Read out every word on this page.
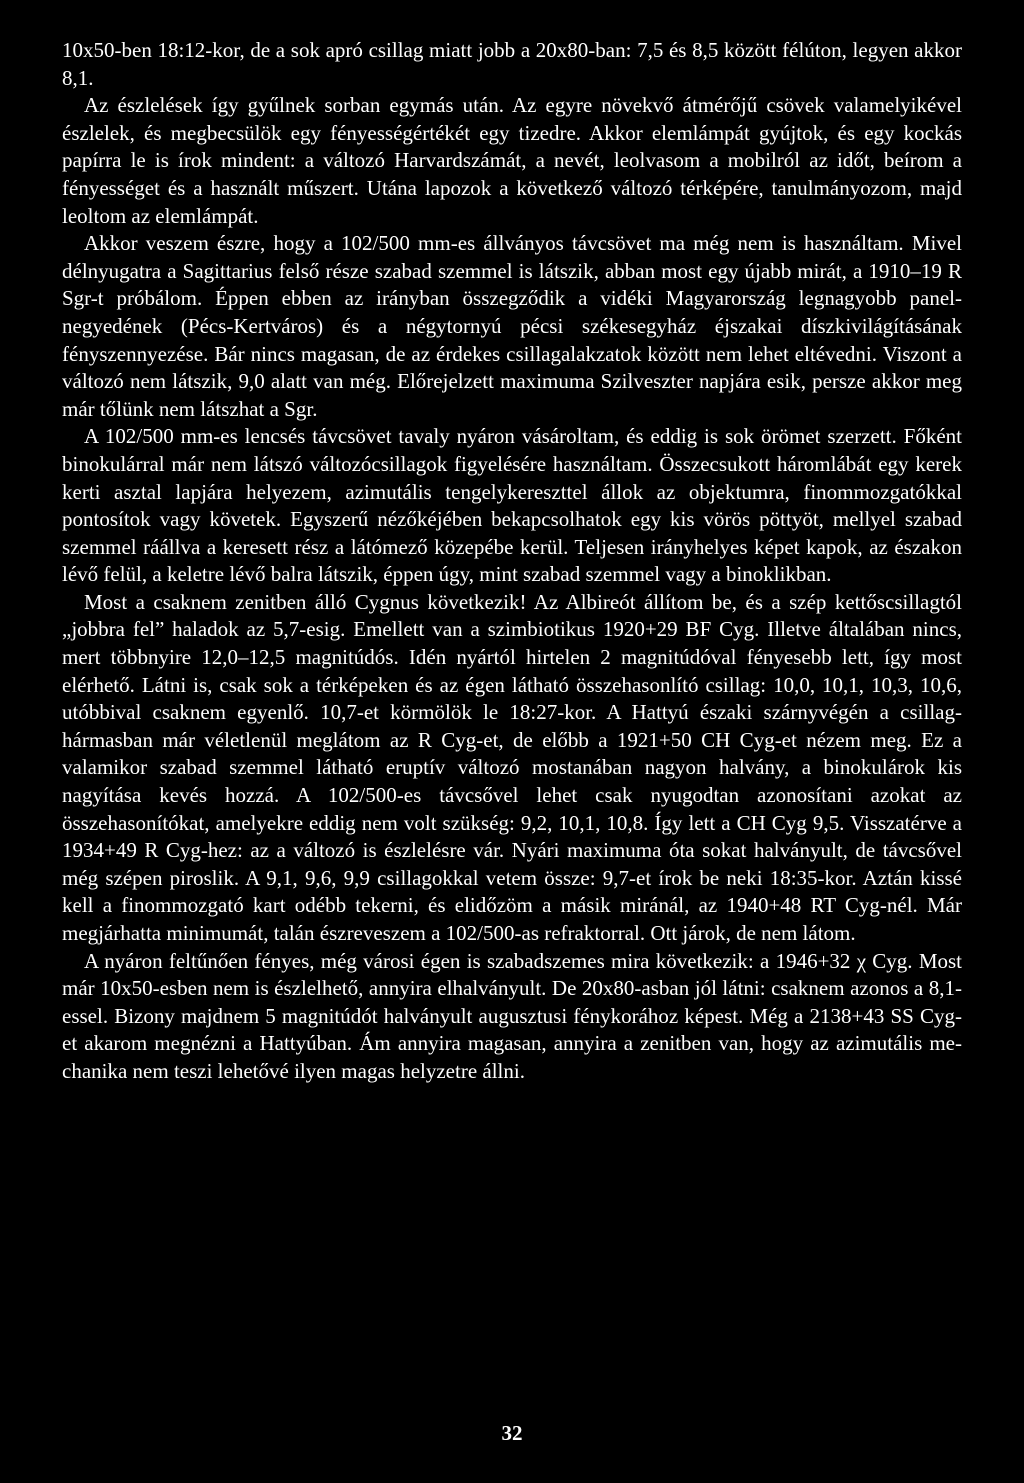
10x50-ben 18:12-kor, de a sok apró csillag miatt jobb a 20x80-ban: 7,5 és 8,5 között félúton, legyen akkor 8,1.

Az észlelések így gyűlnek sorban egymás után. Az egyre növekvő átmérőjű csövek valamelyikével észlelek, és megbecsülök egy fényességértékét egy tizedre. Akkor elemlámpát gyújtok, és egy kockás papírra le is írok mindent: a változó Harvardszámát, a nevét, leolvasom a mobilról az időt, beírom a fényességet és a használt műszert. Utána lapozok a következő változó térképére, tanulmányozom, majd leoltom az elemlámpát.

Akkor veszem észre, hogy a 102/500 mm-es állványos távcsövet ma még nem is használtam. Mivel délnyugatra a Sagittarius felső része szabad szemmel is látszik, abban most egy újabb mirát, a 1910–19 R Sgr-t próbálom. Éppen ebben az irányban összegződik a vidéki Magyarország legnagyobb panel-negyedének (Pécs-Kertváros) és a négytornyú pécsi székesegyház éjszakai díszkivilágításának fényszennyezése. Bár nincs magasan, de az érdekes csillagalakzatok között nem lehet eltévedni. Viszont a változó nem látszik, 9,0 alatt van még. Előrejelzett maximuma Szilveszter napjára esik, persze akkor meg már tőlünk nem látszhat a Sgr.

A 102/500 mm-es lencsés távcsövet tavaly nyáron vásároltam, és eddig is sok örömet szerzett. Főként binokulárral már nem látszó változócsillagok figyelésére használtam. Összecsukott háromlábát egy kerek kerti asztal lapjára helyezem, azimutális tengelykereszttel állok az objektumra, finommozgatókkal pontosítok vagy követek. Egyszerű nézőkéjében bekapcsolhatok egy kis vörös pöttyöt, mellyel szabad szemmel ráállva a keresett rész a látómező közepébe kerül. Teljesen irányhelyes képet kapok, az északon lévő felül, a keletre lévő balra látszik, éppen úgy, mint szabad szemmel vagy a binoklikban.

Most a csaknem zenitben álló Cygnus következik! Az Albireót állítom be, és a szép kettőscsillagtól „jobbra fel” haladok az 5,7-esig. Emellett van a szimbiotikus 1920+29 BF Cyg. Illetve általában nincs, mert többnyire 12,0–12,5 magnitúdós. Idén nyártól hirtelen 2 magnitúdóval fényesebb lett, így most elérhető. Látni is, csak sok a térképeken és az égen látható összehasonlító csillag: 10,0, 10,1, 10,3, 10,6, utóbbival csaknem egyenlő. 10,7-et körmölök le 18:27-kor. A Hattyú északi szárnyvégén a csillaghármasban már véletlenül meglátom az R Cyg-et, de előbb a 1921+50 CH Cyg-et nézem meg. Ez a valamikor szabad szemmel látható eruptív változó mostanában nagyon halvány, a binokulárok kis nagyítása kevés hozzá. A 102/500-es távcsővel lehet csak nyugodtan azonosítani azokat az összehasonítókat, amelyekre eddig nem volt szükség: 9,2, 10,1, 10,8. Így lett a CH Cyg 9,5. Visszatérve a 1934+49 R Cyg-hez: az a változó is észlelésre vár. Nyári maximuma óta sokat halványult, de távcsővel még szépen piroslik. A 9,1, 9,6, 9,9 csillagokkal vetem össze: 9,7-et írok be neki 18:35-kor. Aztán kissé kell a finommozgató kart odébb tekerni, és elidőzöm a másik miránál, az 1940+48 RT Cyg-nél. Már megjárhatta minimumát, talán észreveszem a 102/500-as refraktorral. Ott járok, de nem látom.

A nyáron feltűnően fényes, még városi égen is szabadszemes mira következik: a 1946+32 χ Cyg. Most már 10x50-esben nem is észlelhető, annyira elhalványult. De 20x80-asban jól látni: csaknem azonos a 8,1-essel. Bizony majdnem 5 magnitúdót halványult augusztusi fénykorához képest. Még a 2138+43 SS Cyg-et akarom megnézni a Hattyúban. Ám annyira magasan, annyira a zenitben van, hogy az azimutális mechanika nem teszi lehetővé ilyen magas helyzetre állni.

32
